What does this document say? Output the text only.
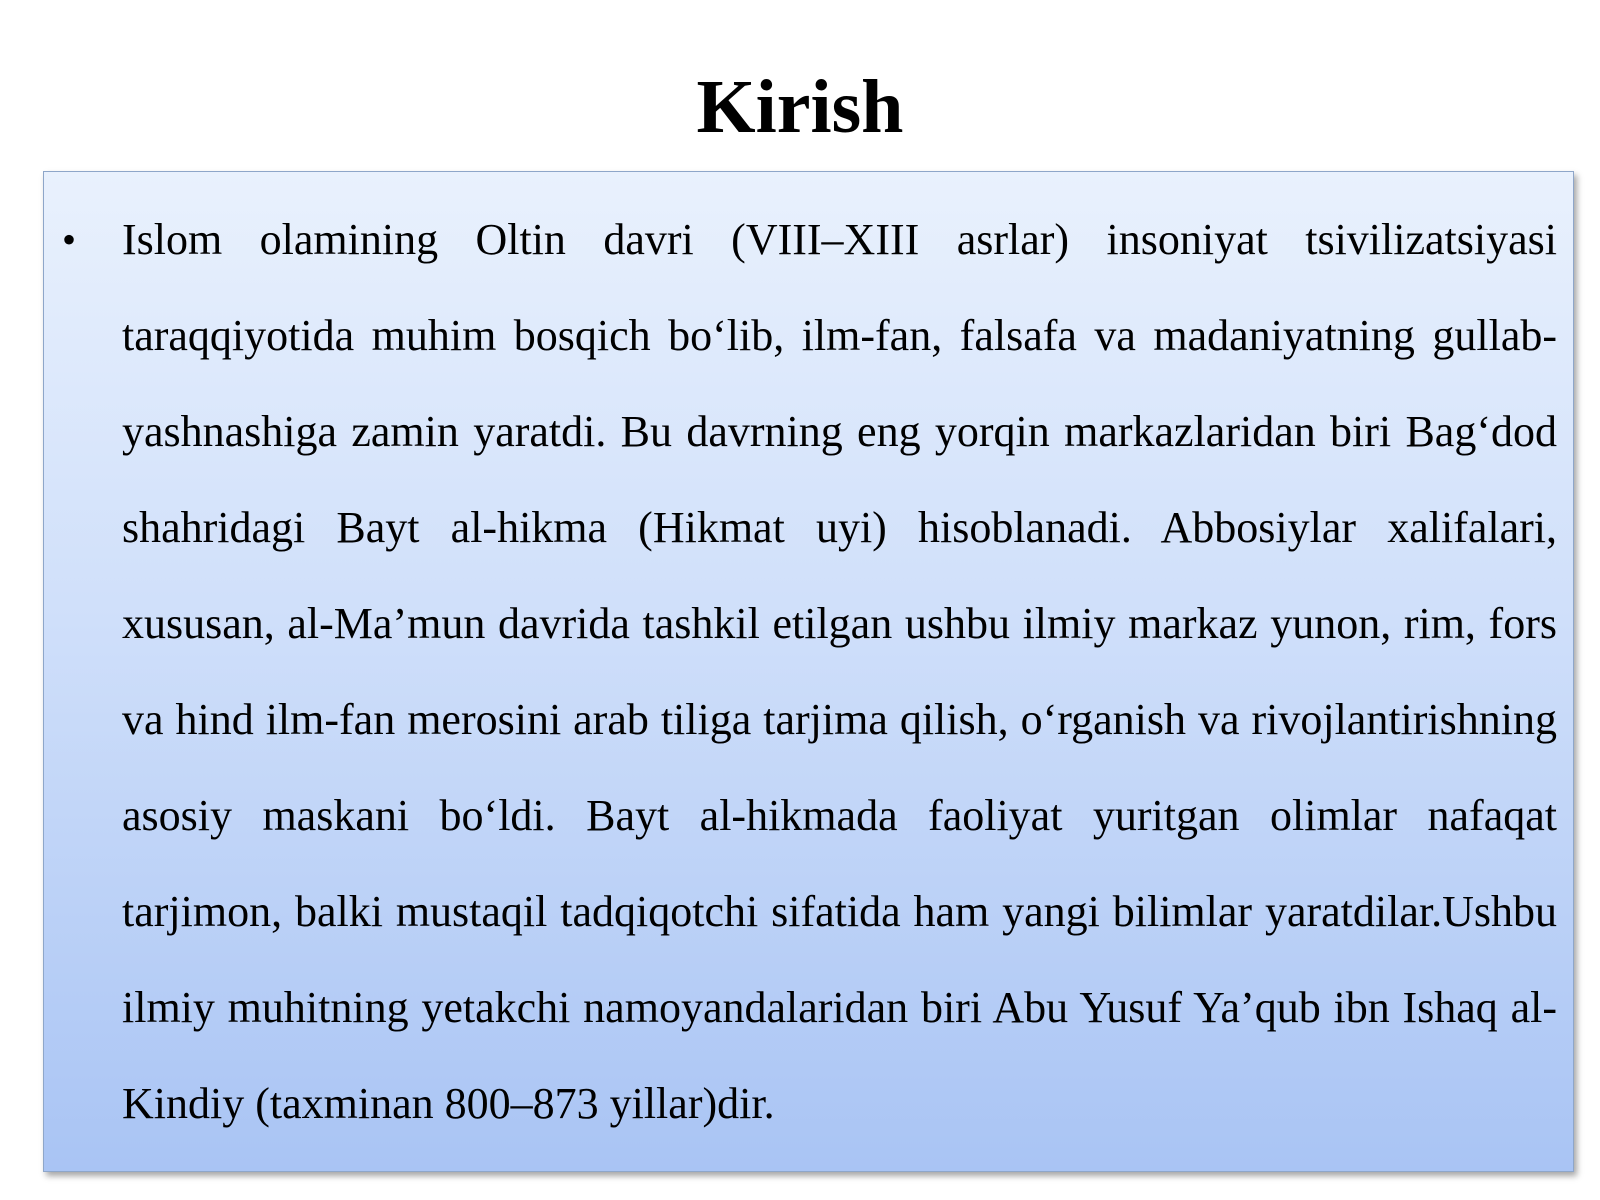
Kirish
• Islom olamining Oltin davri (VIII–XIII asrlar) insoniyat tsivilizatsiyasi taraqqiyotida muhim bosqich bo‘lib, ilm-fan, falsafa va madaniyatning gullab-yashnashiga zamin yaratdi. Bu davrning eng yorqin markazlaridan biri Bag‘dod shahridagi Bayt al-hikma (Hikmat uyi) hisoblanadi. Abbosiylar xalifalari, xususan, al-Ma’mun davrida tashkil etilgan ushbu ilmiy markaz yunon, rim, fors va hind ilm-fan merosini arab tiliga tarjima qilish, o‘rganish va rivojlantirishning asosiy maskani bo‘ldi. Bayt al-hikmada faoliyat yuritgan olimlar nafaqat tarjimon, balki mustaqil tadqiqotchi sifatida ham yangi bilimlar yaratdilar.Ushbu ilmiy muhitning yetakchi namoyandalaridan biri Abu Yusuf Ya’qub ibn Ishaq al-Kindiy (taxminan 800–873 yillar)dir.
